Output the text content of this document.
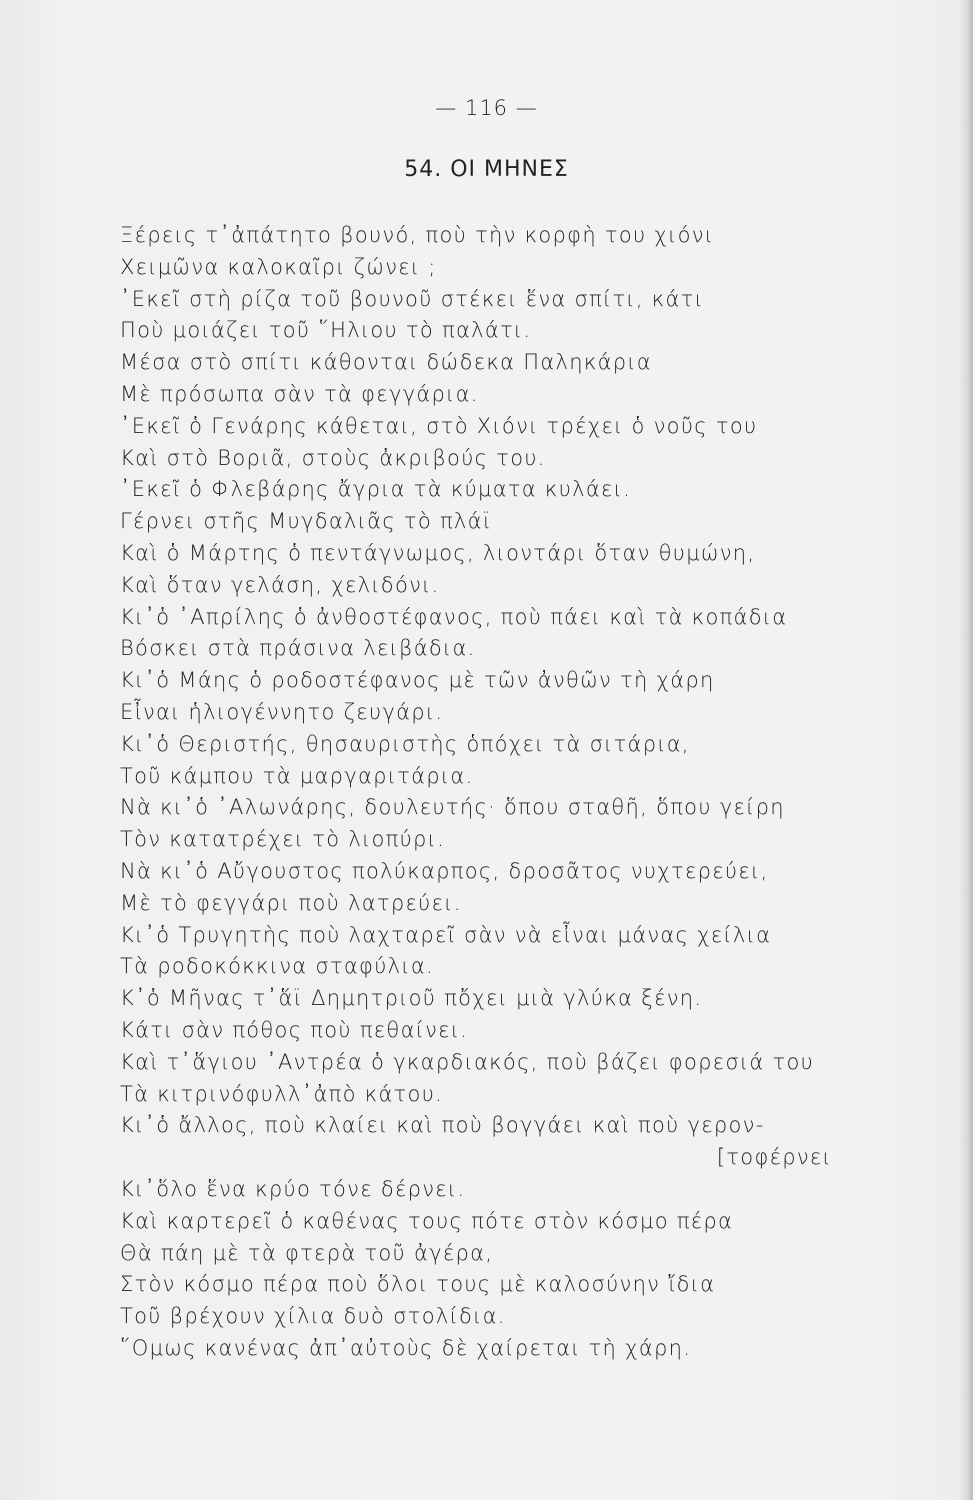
— 116 —
54. ΟΙ ΜΗΝΕΣ
Ξέρεις τ᾽ἀπάτητο βουνό, ποὺ τὴν κορφὴ του χιόνι
Χειμῶνα καλοκαῖρι ζώνει ;
᾽Εκεῖ στὴ ρίζα τοῦ βουνοῦ στέκει ἕνα σπίτι, κάτι
Ποὺ μοιάζει τοῦ ῞Ηλιου τὸ παλάτι.
Μέσα στὸ σπίτι κάθονται δώδεκα Παληκάρια
Μὲ πρόσωπα σὰν τὰ φεγγάρια.
᾽Εκεῖ ὁ Γενάρης κάθεται, στὸ Χιόνι τρέχει ὁ νοῦς του
Καὶ στὸ Βοριᾶ, στοὺς ἀκριβούς του.
᾽Εκεῖ ὁ Φλεβάρης ἄγρια τὰ κύματα κυλάει.
Γέρνει στῆς Μυγδαλιᾶς τὸ πλάϊ
Καὶ ὁ Μάρτης ὁ πεντάγνωμος, λιοντάρι ὅταν θυμώνη,
Καὶ ὅταν γελάση, χελιδόνι.
Κι᾽ὁ ᾽Απρίλης ὁ ἀνθοστέφανος, ποὺ πάει καὶ τὰ κοπάδια
Βόσκει στὰ πράσινα λειβάδια.
Κι᾽ὁ Μάης ὁ ροδοστέφανος μὲ τῶν ἀνθῶν τὴ χάρη
Εἶναι ἡλιογέννητο ζευγάρι.
Κι᾽ὁ Θεριστής, θησαυριστὴς ὁπόχει τὰ σιτάρια,
Τοῦ κάμπου τὰ μαργαριτάρια.
Νὰ κι᾽ὁ ᾽Αλωνάρης, δουλευτής· ὅπου σταθῆ, ὅπου γείρη
Τὸν κατατρέχει τὸ λιοπύρι.
Νὰ κι᾽ὁ Αὔγουστος πολύκαρπος, δροσᾶτος νυχτερεύει,
Μὲ τὸ φεγγάρι ποὺ λατρεύει.
Κι᾽ὁ Τρυγητὴς ποὺ λαχταρεῖ σὰν νὰ εἶναι μάνας χείλια
Τὰ ροδοκόκκινα σταφύλια.
Κ᾽ὁ Μῆνας τ᾽ἅϊ Δημητριοῦ πὄχει μιὰ γλύκα ξένη.
Κάτι σὰν πόθος ποὺ πεθαίνει.
Καὶ τ᾽ἅγιου ᾽Αντρέα ὁ γκαρδιακός, ποὺ βάζει φορεσιά του
Τὰ κιτρινόφυλλ᾽ἀπὸ κάτου.
Κι᾽ὁ ἄλλος, ποὺ κλαίει καὶ ποὺ βογγάει καὶ ποὺ γερον-
[τοφέρνει
Κι᾽ὅλο ἕνα κρύο τόνε δέρνει.
Καὶ καρτερεῖ ὁ καθένας τους πότε στὸν κόσμο πέρα
Θὰ πάη μὲ τὰ φτερὰ τοῦ ἀγέρα,
Στὸν κόσμο πέρα ποὺ ὅλοι τους μὲ καλοσύνην ἴδια
Τοῦ βρέχουν χίλια δυὸ στολίδια.
῞Ομως κανένας ἀπ᾽αὐτοὺς δὲ χαίρεται τὴ χάρη.
